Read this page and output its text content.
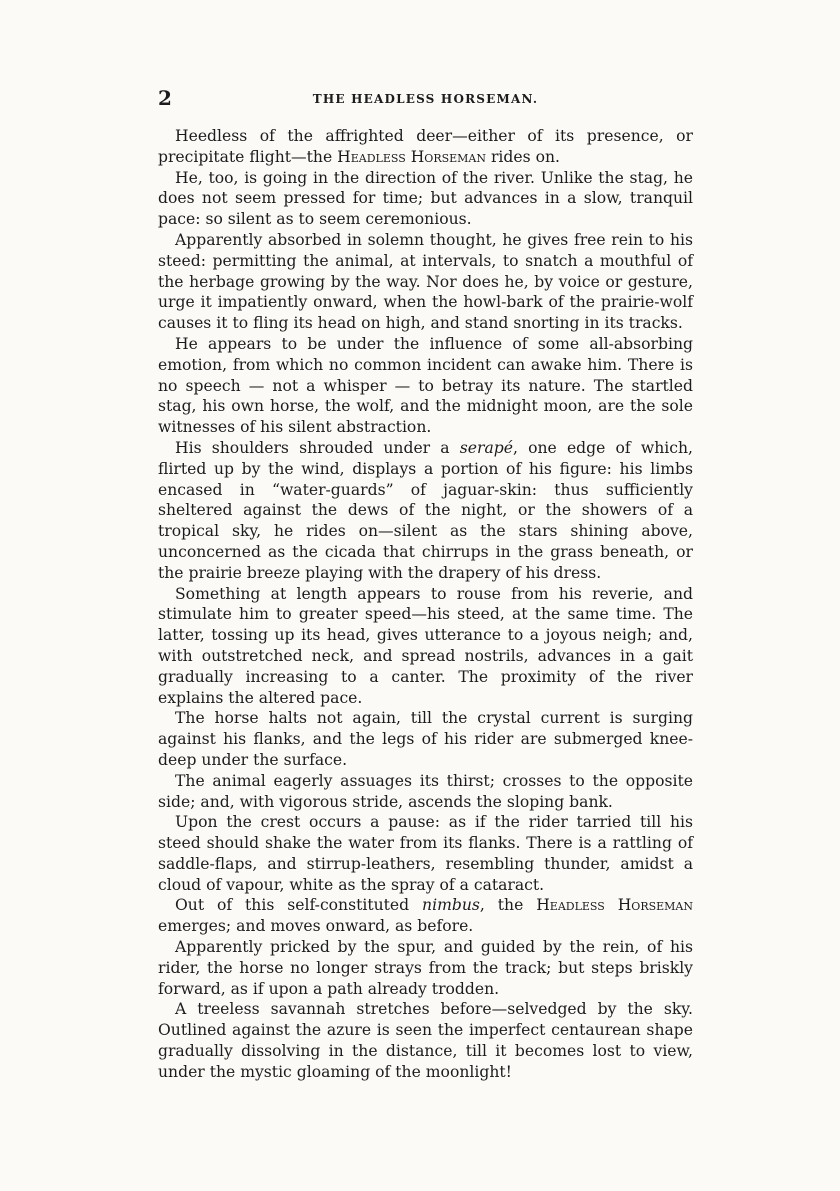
2	THE HEADLESS HORSEMAN.

Heedless of the affrighted deer—either of its presence, or precipitate flight—the Headless Horseman rides on.

He, too, is going in the direction of the river. Unlike the stag, he does not seem pressed for time; but advances in a slow, tranquil pace: so silent as to seem ceremonious.

Apparently absorbed in solemn thought, he gives free rein to his steed: permitting the animal, at intervals, to snatch a mouthful of the herbage growing by the way. Nor does he, by voice or gesture, urge it impatiently onward, when the howl-bark of the prairie-wolf causes it to fling its head on high, and stand snorting in its tracks.

He appears to be under the influence of some all-absorbing emotion, from which no common incident can awake him. There is no speech — not a whisper — to betray its nature. The startled stag, his own horse, the wolf, and the midnight moon, are the sole witnesses of his silent abstraction.

His shoulders shrouded under a serapé, one edge of which, flirted up by the wind, displays a portion of his figure: his limbs encased in “water-guards” of jaguar-skin: thus sufficiently sheltered against the dews of the night, or the showers of a tropical sky, he rides on—silent as the stars shining above, unconcerned as the cicada that chirrups in the grass beneath, or the prairie breeze playing with the drapery of his dress.

Something at length appears to rouse from his reverie, and stimulate him to greater speed—his steed, at the same time. The latter, tossing up its head, gives utterance to a joyous neigh; and, with outstretched neck, and spread nostrils, advances in a gait gradually increasing to a canter. The proximity of the river explains the altered pace.

The horse halts not again, till the crystal current is surging against his flanks, and the legs of his rider are submerged knee-deep under the surface.

The animal eagerly assuages its thirst; crosses to the opposite side; and, with vigorous stride, ascends the sloping bank.

Upon the crest occurs a pause: as if the rider tarried till his steed should shake the water from its flanks. There is a rattling of saddle-flaps, and stirrup-leathers, resembling thunder, amidst a cloud of vapour, white as the spray of a cataract.

Out of this self-constituted nimbus, the Headless Horseman emerges; and moves onward, as before.

Apparently pricked by the spur, and guided by the rein, of his rider, the horse no longer strays from the track; but steps briskly forward, as if upon a path already trodden.

A treeless savannah stretches before—selvedged by the sky. Outlined against the azure is seen the imperfect centaurean shape gradually dissolving in the distance, till it becomes lost to view, under the mystic gloaming of the moonlight!
